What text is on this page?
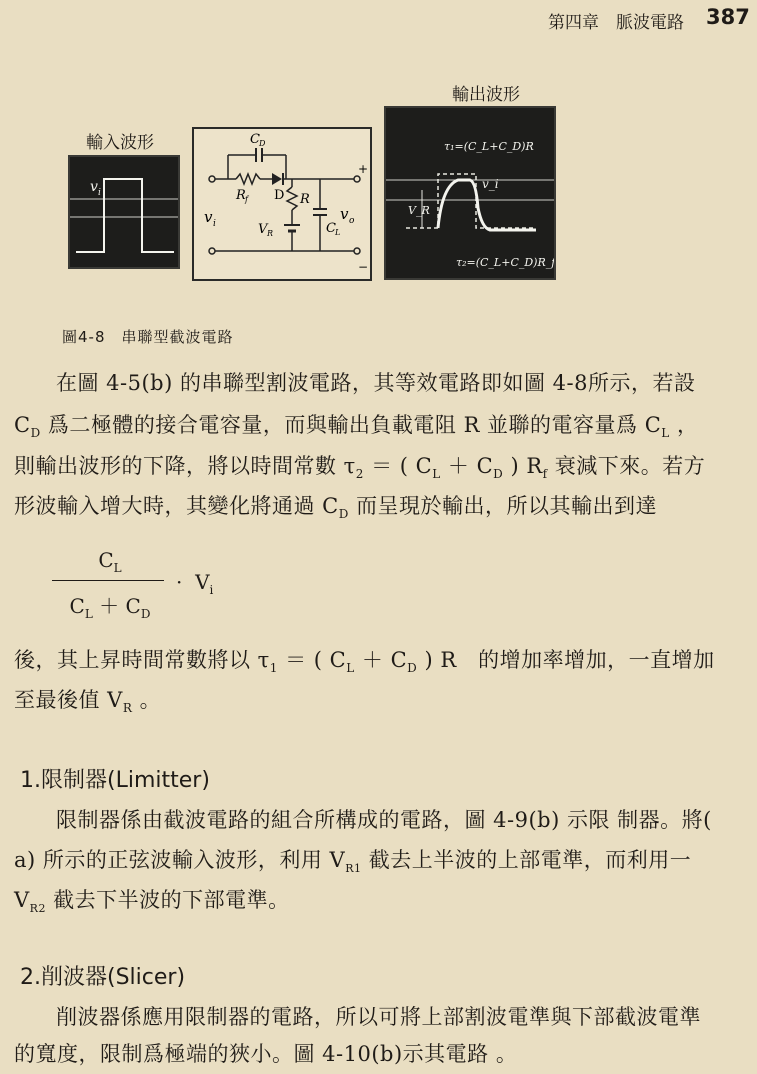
第四章　脈波電路 387
輸入波形
輸出波形
v i
C D
R f D R
v i	V R	C L
v o
+
−
τ₁=(C_L+C_D)R
τ₂=(C_L+C_D)R_f
v_i
V_R
圖4-8　串聯型截波電路
在圖 4-5(b) 的串聯型割波電路，其等效電路即如圖 4-8所示，若設
$C_D$ 爲二極體的接合電容量，而與輸出負載電阻 R 並聯的電容量爲 $C_L$ ，
則輸出波形的下降，將以時間常數 $\tau_2$ ＝ ( $C_L + C_D$ ) $R_f$ 衰減下來。若方
形波輸入增大時，其變化將通過 $C_D$ 而呈現於輸出，所以其輸出到達
$C_L$
$C_L + C_D$
· $V_i$
後，其上昇時間常數將以 $\tau_1$ ＝ ( $C_L + C_D$ ) R　的增加率增加，一直增加
至最後值 $V_R$ 。
1.限制器(Limitter)
限制器係由截波電路的組合所構成的電路，圖 4-9(b) 示限 制器。將(
a) 所示的正弦波輸入波形，利用 $V_{R1}$ 截去上半波的上部電準，而利用一
$V_{R2}$ 截去下半波的下部電準。
2.削波器(Slicer)
削波器係應用限制器的電路，所以可將上部割波電準與下部截波電準
的寬度，限制爲極端的狹小。圖 4-10(b)示其電路 。
